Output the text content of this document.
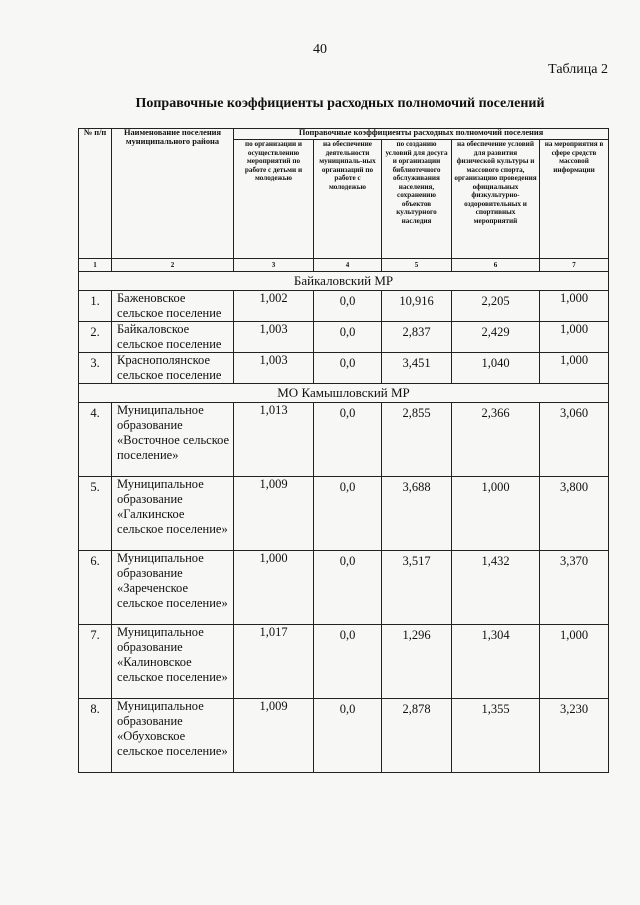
40
Таблица 2
Поправочные коэффициенты расходных полномочий поселений
№ п/п	Наименование поселения муниципального района	Поправочные коэффициенты расходных полномочий поселения				
		по организации и осуществлению мероприятий по работе с детьми и молодежью	на обеспечение деятельности муниципаль-ных организаций по работе с молодежью	по созданию условий для досуга и организации библиотечного обслуживания населения, сохранению объектов культурного наследия	на обеспечение условий для развития физической культуры и массового спорта, организацию проведения официальных физкультурно-оздоровительных и спортивных мероприятий	на мероприятия в сфере средств массовой информации
1	2	3	4	5	6	7
Байкаловский МР						
1.	Баженовское сельское поселение	1,002	0,0	10,916	2,205	1,000
2.	Байкаловское сельское поселение	1,003	0,0	2,837	2,429	1,000
3.	Краснополянское сельское поселение	1,003	0,0	3,451	1,040	1,000
МО Камышловский МР						
4.	Муниципальное образование «Восточное сельское поселение»	1,013	0,0	2,855	2,366	3,060
5.	Муниципальное образование «Галкинское сельское поселение»	1,009	0,0	3,688	1,000	3,800
6.	Муниципальное образование «Зареченское сельское поселение»	1,000	0,0	3,517	1,432	3,370
7.	Муниципальное образование «Калиновское сельское поселение»	1,017	0,0	1,296	1,304	1,000
8.	Муниципальное образование «Обуховское сельское поселение»	1,009	0,0	2,878	1,355	3,230
